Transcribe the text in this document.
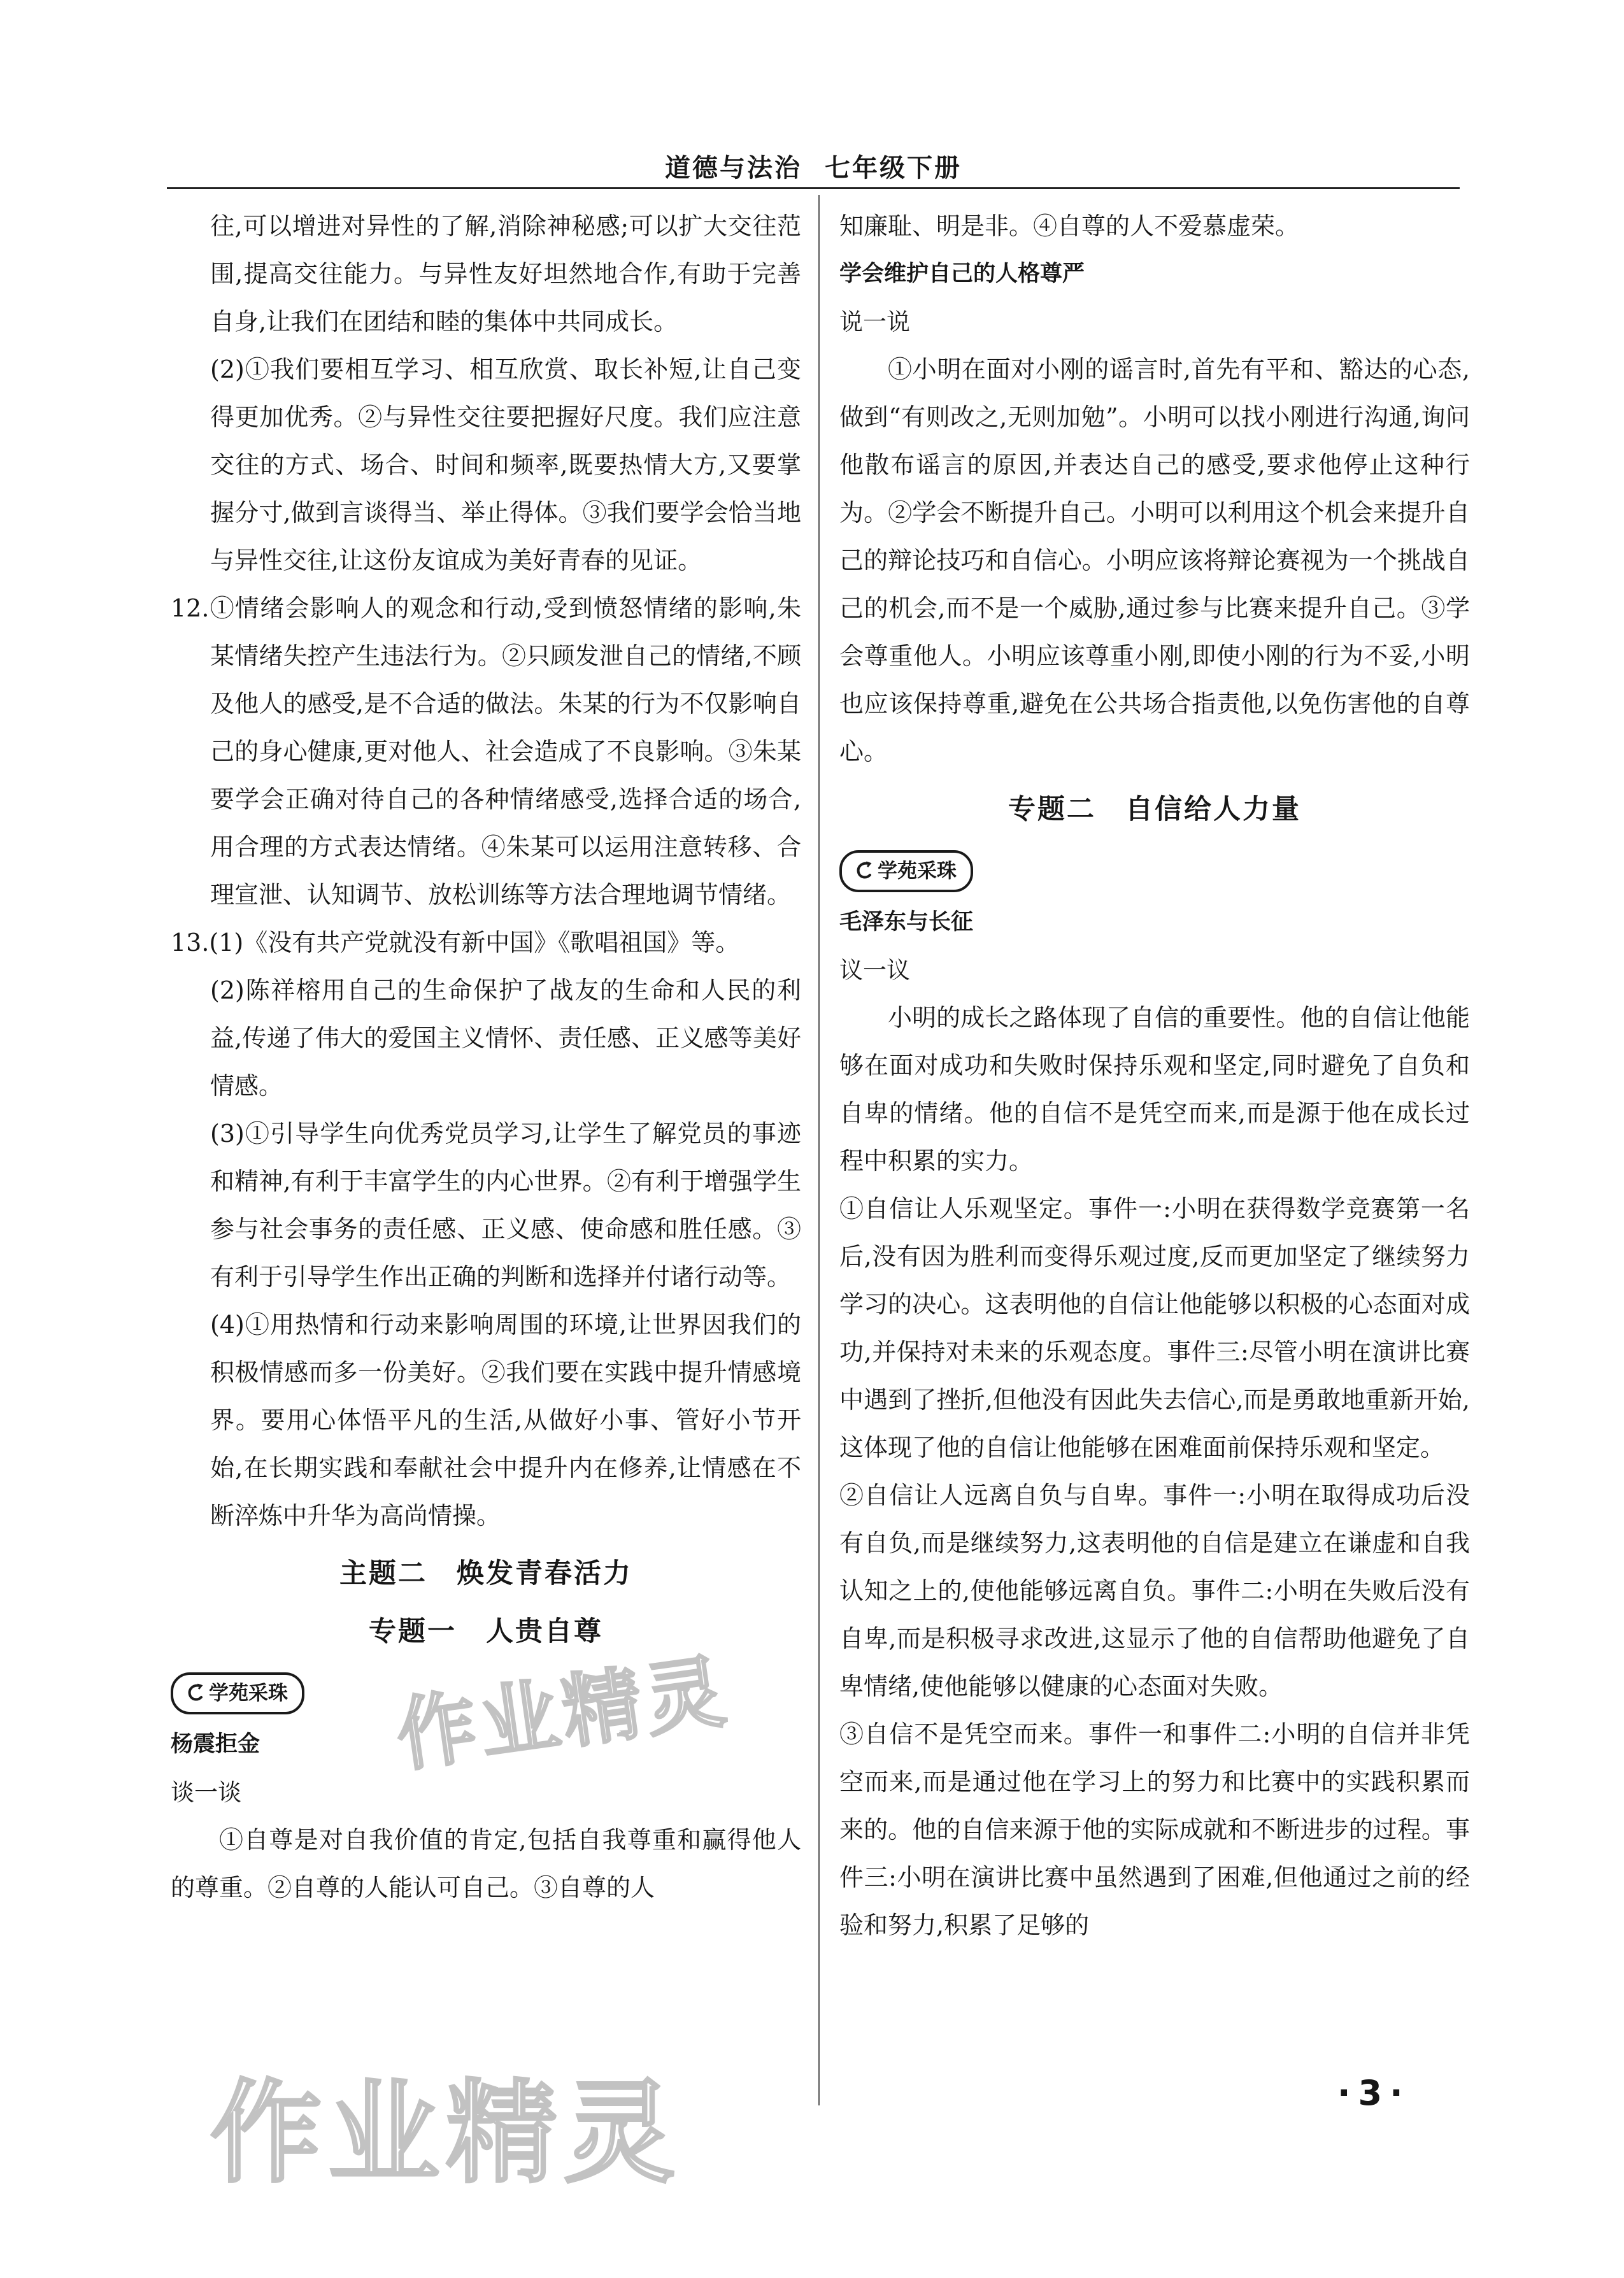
道德与法治 七年级下册
往,可以增进对异性的了解,消除神秘感;可以扩大交往范围,提高交往能力。与异性友好坦然地合作,有助于完善自身,让我们在团结和睦的集体中共同成长。
(2)①我们要相互学习、相互欣赏、取长补短,让自己变得更加优秀。②与异性交往要把握好尺度。我们应注意交往的方式、场合、时间和频率,既要热情大方,又要掌握分寸,做到言谈得当、举止得体。③我们要学会恰当地与异性交往,让这份友谊成为美好青春的见证。
12.①情绪会影响人的观念和行动,受到愤怒情绪的影响,朱某情绪失控产生违法行为。②只顾发泄自己的情绪,不顾及他人的感受,是不合适的做法。朱某的行为不仅影响自己的身心健康,更对他人、社会造成了不良影响。③朱某要学会正确对待自己的各种情绪感受,选择合适的场合,用合理的方式表达情绪。④朱某可以运用注意转移、合理宣泄、认知调节、放松训练等方法合理地调节情绪。
13.(1)《没有共产党就没有新中国》《歌唱祖国》等。
(2)陈祥榕用自己的生命保护了战友的生命和人民的利益,传递了伟大的爱国主义情怀、责任感、正义感等美好情感。
(3)①引导学生向优秀党员学习,让学生了解党员的事迹和精神,有利于丰富学生的内心世界。②有利于增强学生参与社会事务的责任感、正义感、使命感和胜任感。③有利于引导学生作出正确的判断和选择并付诸行动等。
(4)①用热情和行动来影响周围的环境,让世界因我们的积极情感而多一份美好。②我们要在实践中提升情感境界。要用心体悟平凡的生活,从做好小事、管好小节开始,在长期实践和奉献社会中提升内在修养,让情感在不断淬炼中升华为高尚情操。
主题二　焕发青春活力
专题一　人贵自尊
学苑采珠
杨震拒金
谈一谈
①自尊是对自我价值的肯定,包括自我尊重和赢得他人的尊重。②自尊的人能认可自己。③自尊的人
知廉耻、明是非。④自尊的人不爱慕虚荣。
学会维护自己的人格尊严
说一说
①小明在面对小刚的谣言时,首先有平和、豁达的心态,做到“有则改之,无则加勉”。小明可以找小刚进行沟通,询问他散布谣言的原因,并表达自己的感受,要求他停止这种行为。②学会不断提升自己。小明可以利用这个机会来提升自己的辩论技巧和自信心。小明应该将辩论赛视为一个挑战自己的机会,而不是一个威胁,通过参与比赛来提升自己。③学会尊重他人。小明应该尊重小刚,即使小刚的行为不妥,小明也应该保持尊重,避免在公共场合指责他,以免伤害他的自尊心。
专题二　自信给人力量
学苑采珠
毛泽东与长征
议一议
小明的成长之路体现了自信的重要性。他的自信让他能够在面对成功和失败时保持乐观和坚定,同时避免了自负和自卑的情绪。他的自信不是凭空而来,而是源于他在成长过程中积累的实力。
①自信让人乐观坚定。事件一:小明在获得数学竞赛第一名后,没有因为胜利而变得乐观过度,反而更加坚定了继续努力学习的决心。这表明他的自信让他能够以积极的心态面对成功,并保持对未来的乐观态度。事件三:尽管小明在演讲比赛中遇到了挫折,但他没有因此失去信心,而是勇敢地重新开始,这体现了他的自信让他能够在困难面前保持乐观和坚定。
②自信让人远离自负与自卑。事件一:小明在取得成功后没有自负,而是继续努力,这表明他的自信是建立在谦虚和自我认知之上的,使他能够远离自负。事件二:小明在失败后没有自卑,而是积极寻求改进,这显示了他的自信帮助他避免了自卑情绪,使他能够以健康的心态面对失败。
③自信不是凭空而来。事件一和事件二:小明的自信并非凭空而来,而是通过他在学习上的努力和比赛中的实践积累而来的。他的自信来源于他的实际成就和不断进步的过程。事件三:小明在演讲比赛中虽然遇到了困难,但他通过之前的经验和努力,积累了足够的
·3·
作业精灵
作业精灵
